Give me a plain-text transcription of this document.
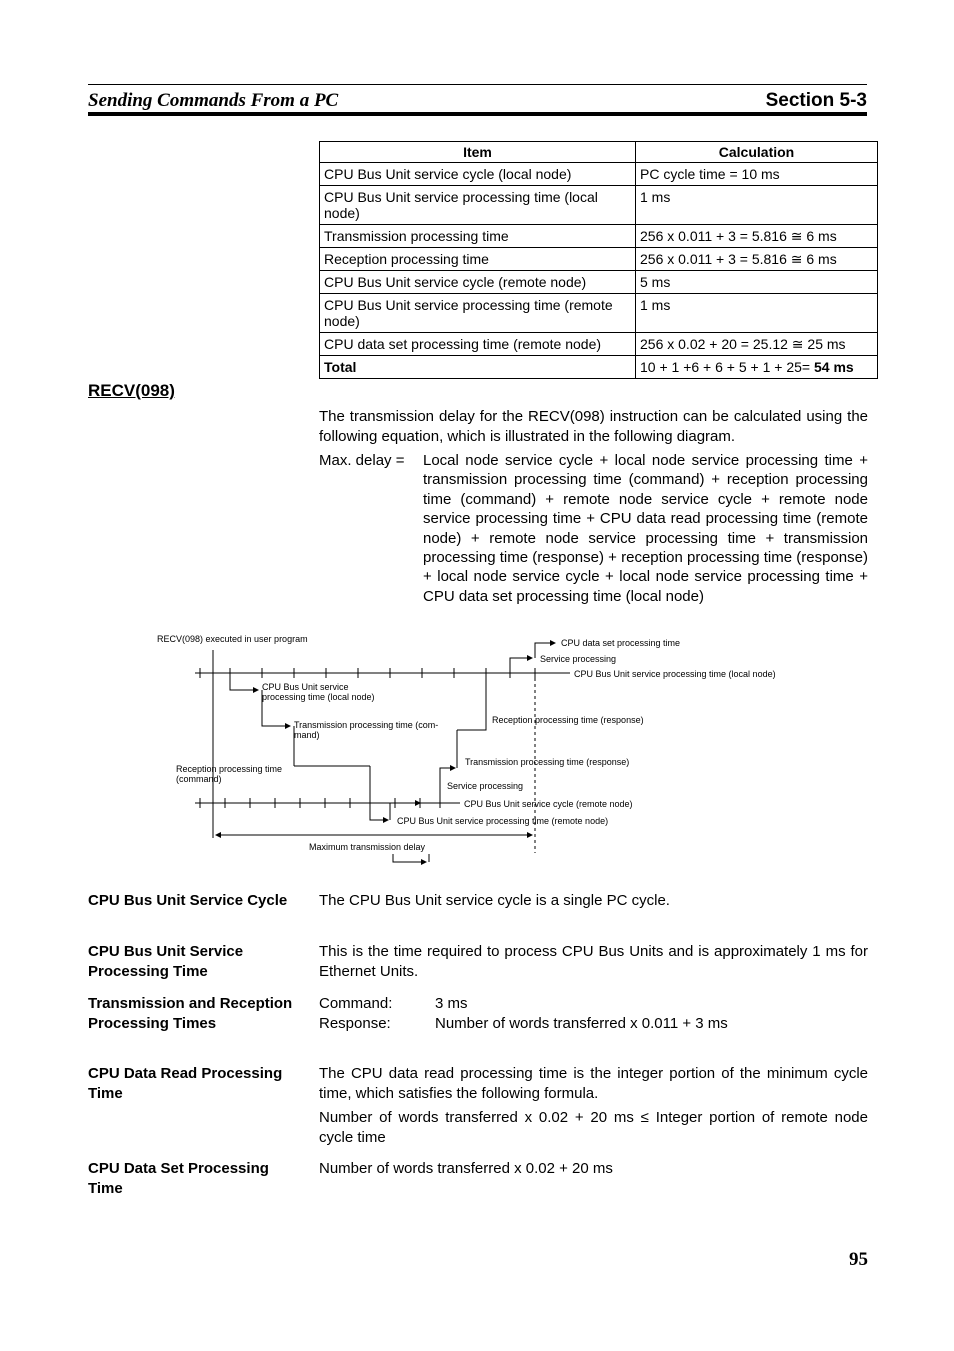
Sending Commands From a PC	Section 5-3
Item	Calculation
CPU Bus Unit service cycle (local node)	PC cycle time = 10 ms
CPU Bus Unit service processing time (local node)	1 ms
Transmission processing time	256 x 0.011 + 3 = 5.816 ≅ 6 ms
Reception processing time	256 x 0.011 + 3 = 5.816 ≅ 6 ms
CPU Bus Unit service cycle (remote node)	5 ms
CPU Bus Unit service processing time (remote node)	1 ms
CPU data set processing time (remote node)	256 x 0.02 + 20 = 25.12 ≅ 25 ms
Total	10 + 1 +6 + 6 + 5 + 1 + 25= 54 ms
RECV(098)
The transmission delay for the RECV(098) instruction can be calculated using the following equation, which is illustrated in the following diagram.
Max. delay = Local node service cycle + local node service processing time + transmission processing time (command) + reception processing time (command) + remote node service cycle + remote node service processing time + CPU data read processing time (remote node) + remote node service processing time + transmission processing time (response) + reception processing time (response) + local node service cycle + local node service processing time + CPU data set processing time (local node)
RECV(098) executed in user program	CPU data set processing time
Service processing
CPU Bus Unit service processing time (local node)
CPU Bus Unit service
processing time (local node)
Transmission processing time (com-
mand)
Reception processing time (response)
Reception processing time
(command)
Transmission processing time (response)
Service processing
CPU Bus Unit service cycle (remote node)
CPU Bus Unit service processing time (remote node)
Maximum transmission delay
CPU Bus Unit Service Cycle	The CPU Bus Unit service cycle is a single PC cycle.
CPU Bus Unit Service Processing Time
This is the time required to process CPU Bus Units and is approximately 1 ms for Ethernet Units.
Transmission and Reception Processing Times
Command:	3 ms
Response:	Number of words transferred x 0.011 + 3 ms
CPU Data Read Processing Time
The CPU data read processing time is the integer portion of the minimum cycle time, which satisfies the following formula.
Number of words transferred x 0.02 + 20 ms ≤ Integer portion of remote node cycle time
CPU Data Set Processing Time
Number of words transferred x 0.02 + 20 ms
95
